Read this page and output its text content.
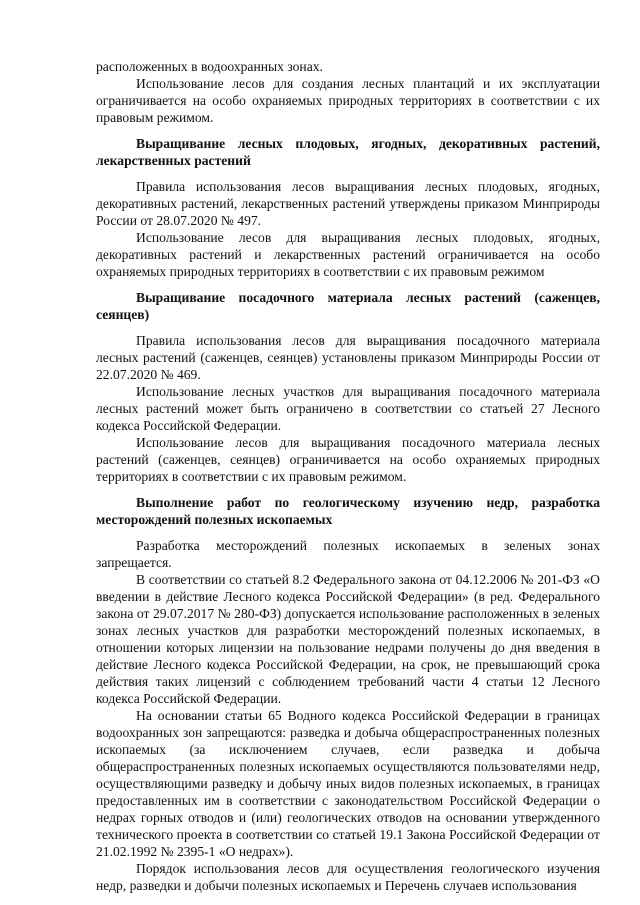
расположенных в водоохранных зонах.

Использование лесов для создания лесных плантаций и их эксплуатации ограничивается на особо охраняемых природных территориях в соответствии с их правовым режимом.

Выращивание лесных плодовых, ягодных, декоративных растений, лекарственных растений

Правила использования лесов выращивания лесных плодовых, ягодных, декоративных растений, лекарственных растений утверждены приказом Минприроды России от 28.07.2020 № 497.

Использование лесов для выращивания лесных плодовых, ягодных, декоративных растений и лекарственных растений ограничивается на особо охраняемых природных территориях в соответствии с их правовым режимом

Выращивание посадочного материала лесных растений (саженцев, сеянцев)

Правила использования лесов для выращивания посадочного материала лесных растений (саженцев, сеянцев) установлены приказом Минприроды России от 22.07.2020 № 469.

Использование лесных участков для выращивания посадочного материала лесных растений может быть ограничено в соответствии со статьей 27 Лесного кодекса Российской Федерации.

Использование лесов для выращивания посадочного материала лесных растений (саженцев, сеянцев) ограничивается на особо охраняемых природных территориях в соответствии с их правовым режимом.

Выполнение работ по геологическому изучению недр, разработка месторождений полезных ископаемых

Разработка месторождений полезных ископаемых в зеленых зонах запрещается.

В соответствии со статьей 8.2 Федерального закона от 04.12.2006 № 201-ФЗ «О введении в действие Лесного кодекса Российской Федерации» (в ред. Федерального закона от 29.07.2017 № 280-ФЗ) допускается использование расположенных в зеленых зонах лесных участков для разработки месторождений полезных ископаемых, в отношении которых лицензии на пользование недрами получены до дня введения в действие Лесного кодекса Российской Федерации, на срок, не превышающий срока действия таких лицензий с соблюдением требований части 4 статьи 12 Лесного кодекса Российской Федерации.

На основании статьи 65 Водного кодекса Российской Федерации в границах водоохранных зон запрещаются: разведка и добыча общераспространенных полезных ископаемых (за исключением случаев, если разведка и добыча общераспространенных полезных ископаемых осуществляются пользователями недр, осуществляющими разведку и добычу иных видов полезных ископаемых, в границах предоставленных им в соответствии с законодательством Российской Федерации о недрах горных отводов и (или) геологических отводов на основании утвержденного технического проекта в соответствии со статьей 19.1 Закона Российской Федерации от 21.02.1992 № 2395-1 «О недрах»).

Порядок использования лесов для осуществления геологического изучения недр, разведки и добычи полезных ископаемых и Перечень случаев использования
